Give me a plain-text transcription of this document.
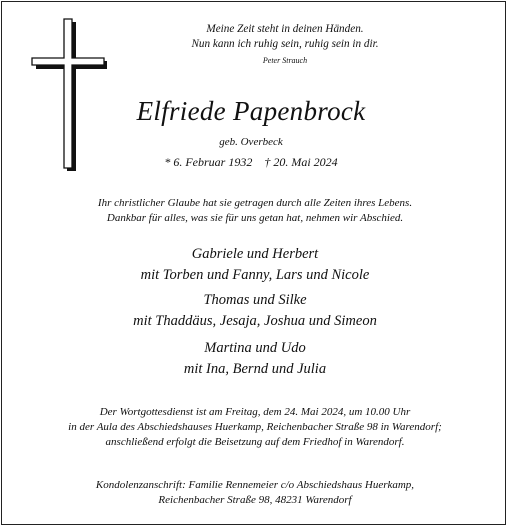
Meine Zeit steht in deinen Händen.
Nun kann ich ruhig sein, ruhig sein in dir.
Peter Strauch
Elfriede Papenbrock
geb. Overbeck
* 6. Februar 1932    † 20. Mai 2024
Ihr christlicher Glaube hat sie getragen durch alle Zeiten ihres Lebens.
Dankbar für alles, was sie für uns getan hat, nehmen wir Abschied.
Gabriele und Herbert
mit Torben und Fanny, Lars und Nicole
Thomas und Silke
mit Thaddäus, Jesaja, Joshua und Simeon
Martina und Udo
mit Ina, Bernd und Julia
Der Wortgottesdienst ist am Freitag, dem 24. Mai 2024, um 10.00 Uhr
in der Aula des Abschiedshauses Huerkamp, Reichenbacher Straße 98 in Warendorf;
anschließend erfolgt die Beisetzung auf dem Friedhof in Warendorf.
Kondolenzanschrift: Familie Rennemeier c/o Abschiedshaus Huerkamp,
Reichenbacher Straße 98, 48231 Warendorf
